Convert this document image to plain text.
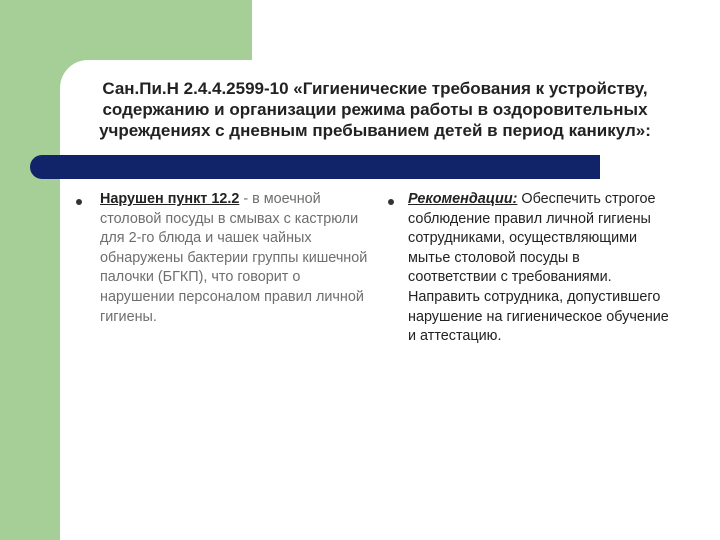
Сан.Пи.Н 2.4.4.2599-10 «Гигиенические требования к устройству, содержанию и организации режима работы в оздоровительных учреждениях с дневным пребыванием детей в период каникул»:

Нарушен пункт 12.2 - в моечной столовой посуды в смывах с кастрюли для 2-го блюда и чашек чайных обнаружены бактерии группы кишечной палочки (БГКП), что говорит о нарушении персоналом правил личной гигиены.

Рекомендации: Обеспечить строгое соблюдение правил личной гигиены сотрудниками, осуществляющими мытье столовой посуды в соответствии с требованиями. Направить сотрудника, допустившего нарушение на гигиеническое обучение и аттестацию.
